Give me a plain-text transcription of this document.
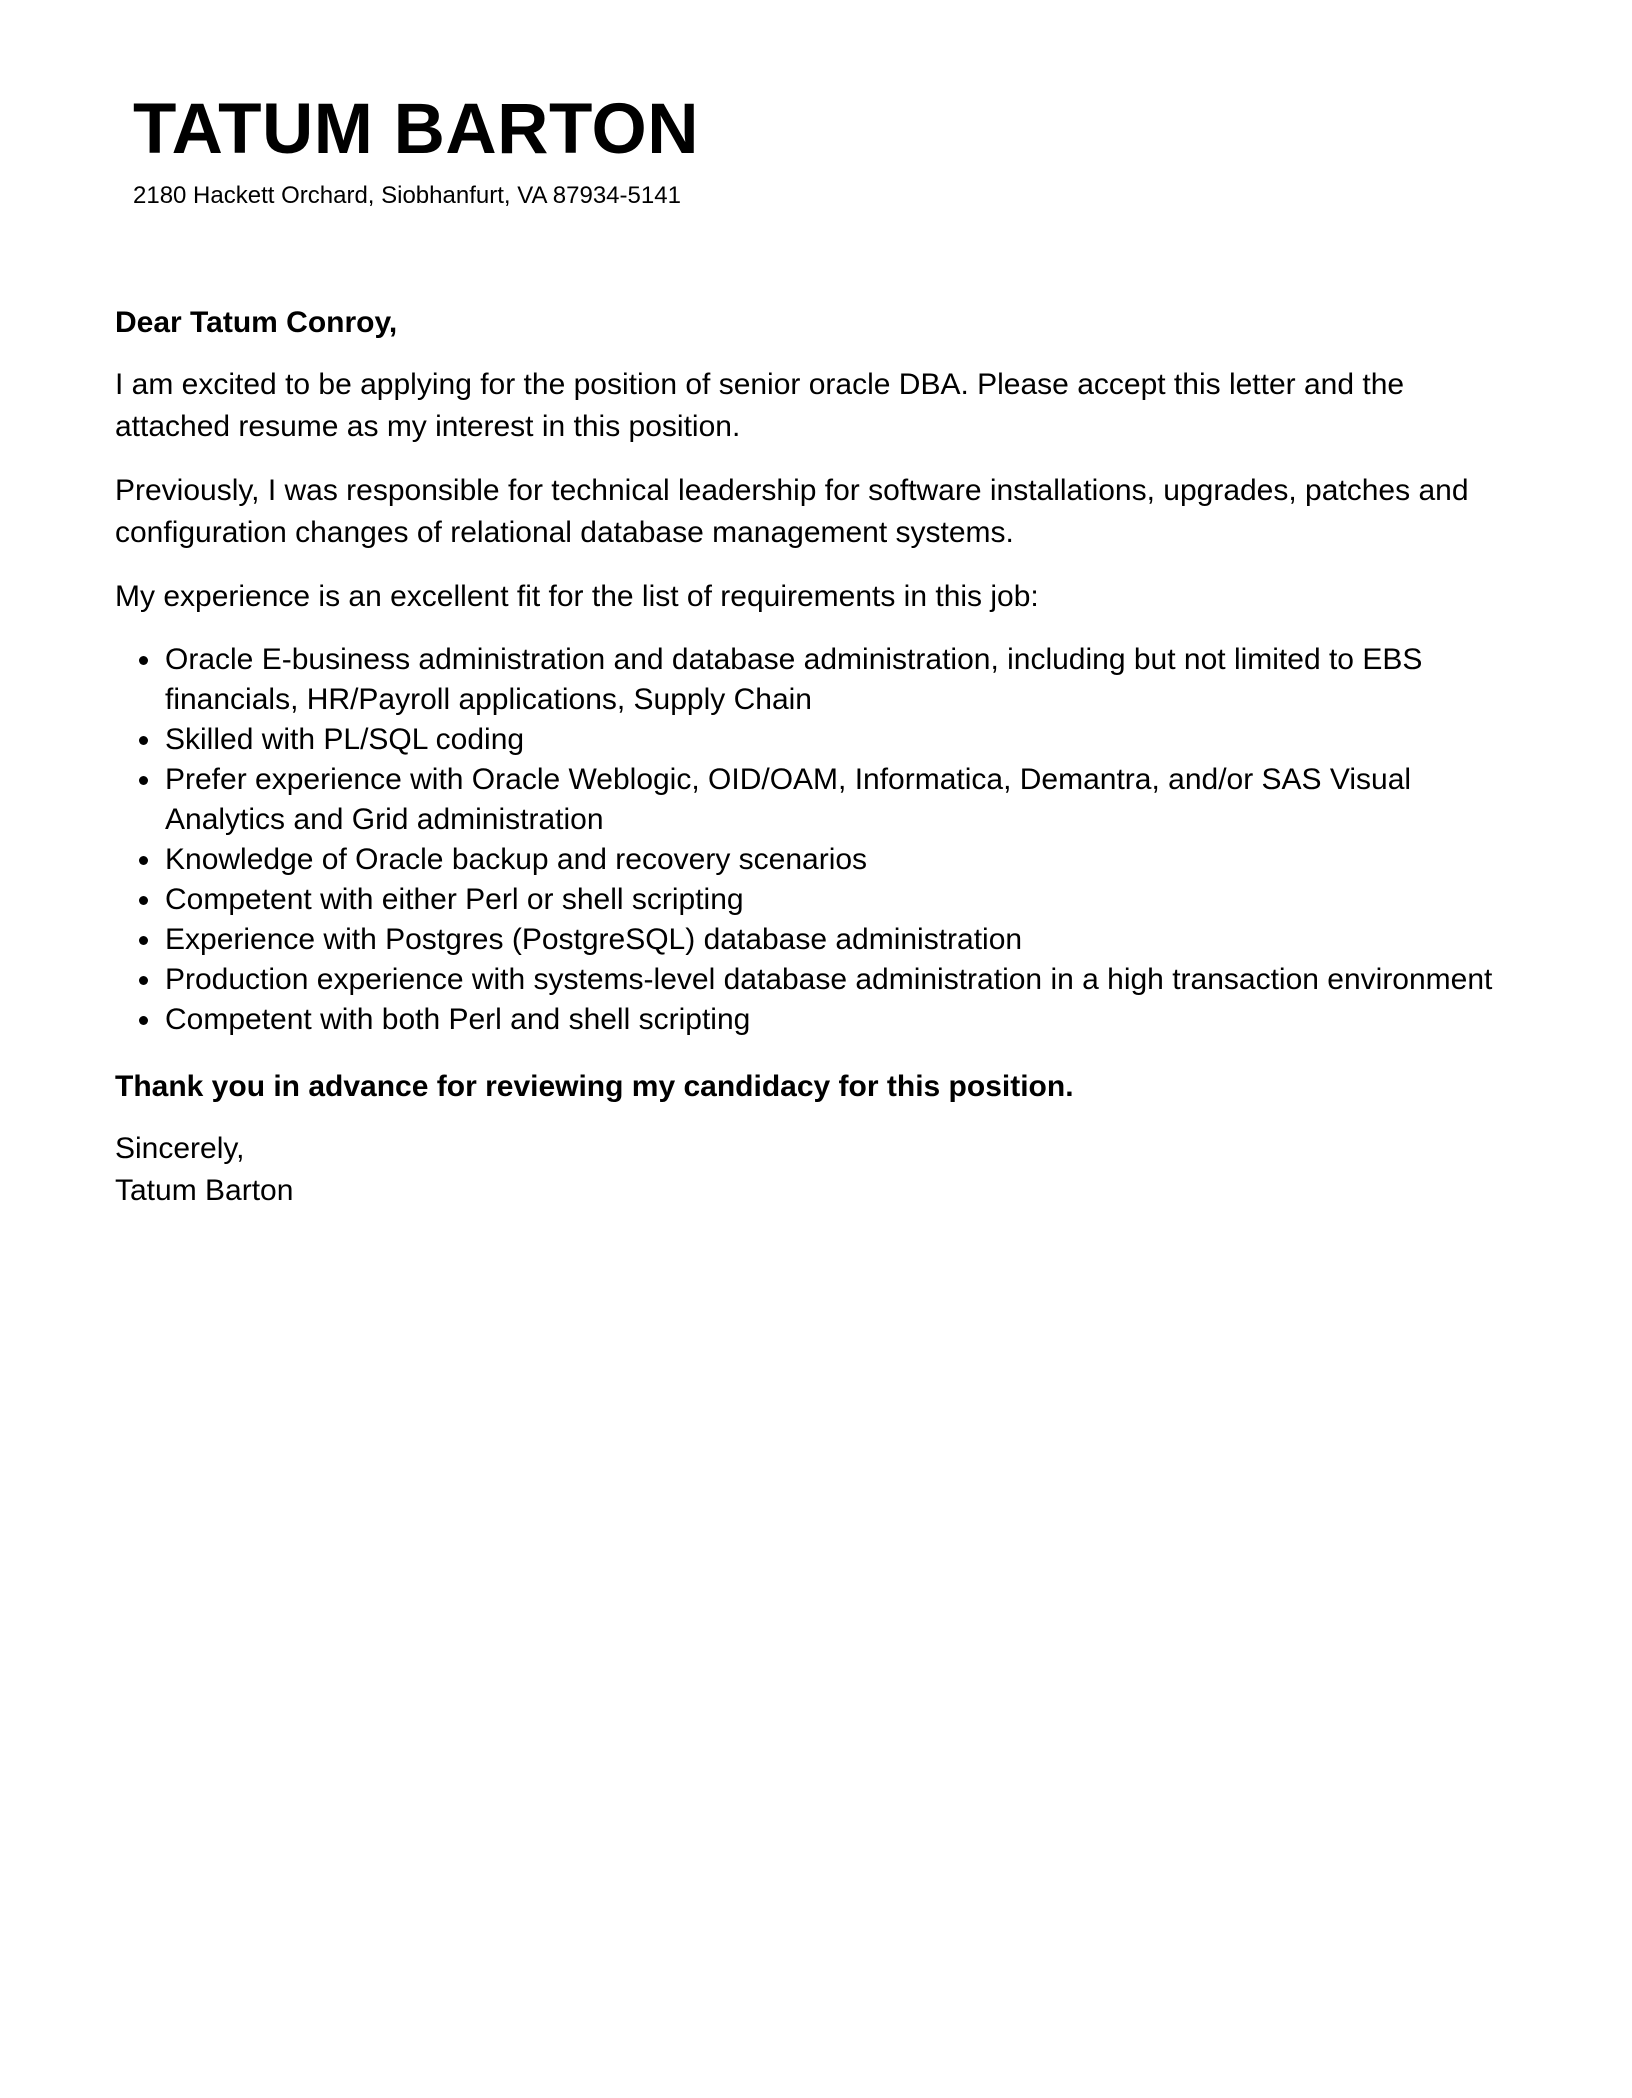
TATUM BARTON
2180 Hackett Orchard, Siobhanfurt, VA 87934-5141

Dear Tatum Conroy,

I am excited to be applying for the position of senior oracle DBA. Please accept this letter and the attached resume as my interest in this position.

Previously, I was responsible for technical leadership for software installations, upgrades, patches and configuration changes of relational database management systems.

My experience is an excellent fit for the list of requirements in this job:

• Oracle E-business administration and database administration, including but not limited to EBS financials, HR/Payroll applications, Supply Chain
• Skilled with PL/SQL coding
• Prefer experience with Oracle Weblogic, OID/OAM, Informatica, Demantra, and/or SAS Visual Analytics and Grid administration
• Knowledge of Oracle backup and recovery scenarios
• Competent with either Perl or shell scripting
• Experience with Postgres (PostgreSQL) database administration
• Production experience with systems-level database administration in a high transaction environment
• Competent with both Perl and shell scripting

Thank you in advance for reviewing my candidacy for this position.

Sincerely,
Tatum Barton
